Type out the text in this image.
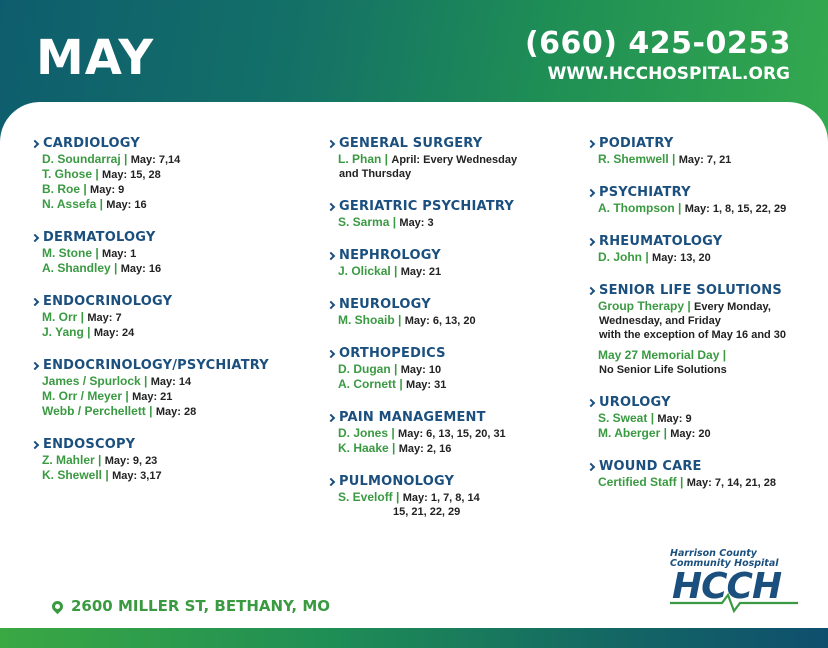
MAY	(660) 425-0253
WWW.HCCHOSPITAL.ORG
CARDIOLOGY
D. Soundarraj | May: 7,14
T. Ghose | May: 15, 28
B. Roe | May: 9
N. Assefa | May: 16
DERMATOLOGY
M. Stone | May: 1
A. Shandley | May: 16
ENDOCRINOLOGY
M. Orr | May: 7
J. Yang | May: 24
ENDOCRINOLOGY/PSYCHIATRY
James / Spurlock | May: 14
M. Orr / Meyer | May: 21
Webb / Perchellett | May: 28
ENDOSCOPY
Z. Mahler | May: 9, 23
K. Shewell | May: 3,17
GENERAL SURGERY
L. Phan | April: Every Wednesday
and Thursday
GERIATRIC PSYCHIATRY
S. Sarma | May: 3
NEPHROLOGY
J. Olickal | May: 21
NEUROLOGY
M. Shoaib | May: 6, 13, 20
ORTHOPEDICS
D. Dugan | May: 10
A. Cornett | May: 31
PAIN MANAGEMENT
D. Jones | May: 6, 13, 15, 20, 31
K. Haake | May: 2, 16
PULMONOLOGY
S. Eveloff | May: 1, 7, 8, 14
15, 21, 22, 29
PODIATRY
R. Shemwell | May: 7, 21
PSYCHIATRY
A. Thompson | May: 1, 8, 15, 22, 29
RHEUMATOLOGY
D. John | May: 13, 20
SENIOR LIFE SOLUTIONS
Group Therapy | Every Monday,
Wednesday, and Friday
with the exception of May 16 and 30
May 27 Memorial Day |
No Senior Life Solutions
UROLOGY
S. Sweat | May: 9
M. Aberger | May: 20
WOUND CARE
Certified Staff | May: 7, 14, 21, 28
2600 MILLER ST, BETHANY, MO
Harrison County
Community Hospital
HCCH
